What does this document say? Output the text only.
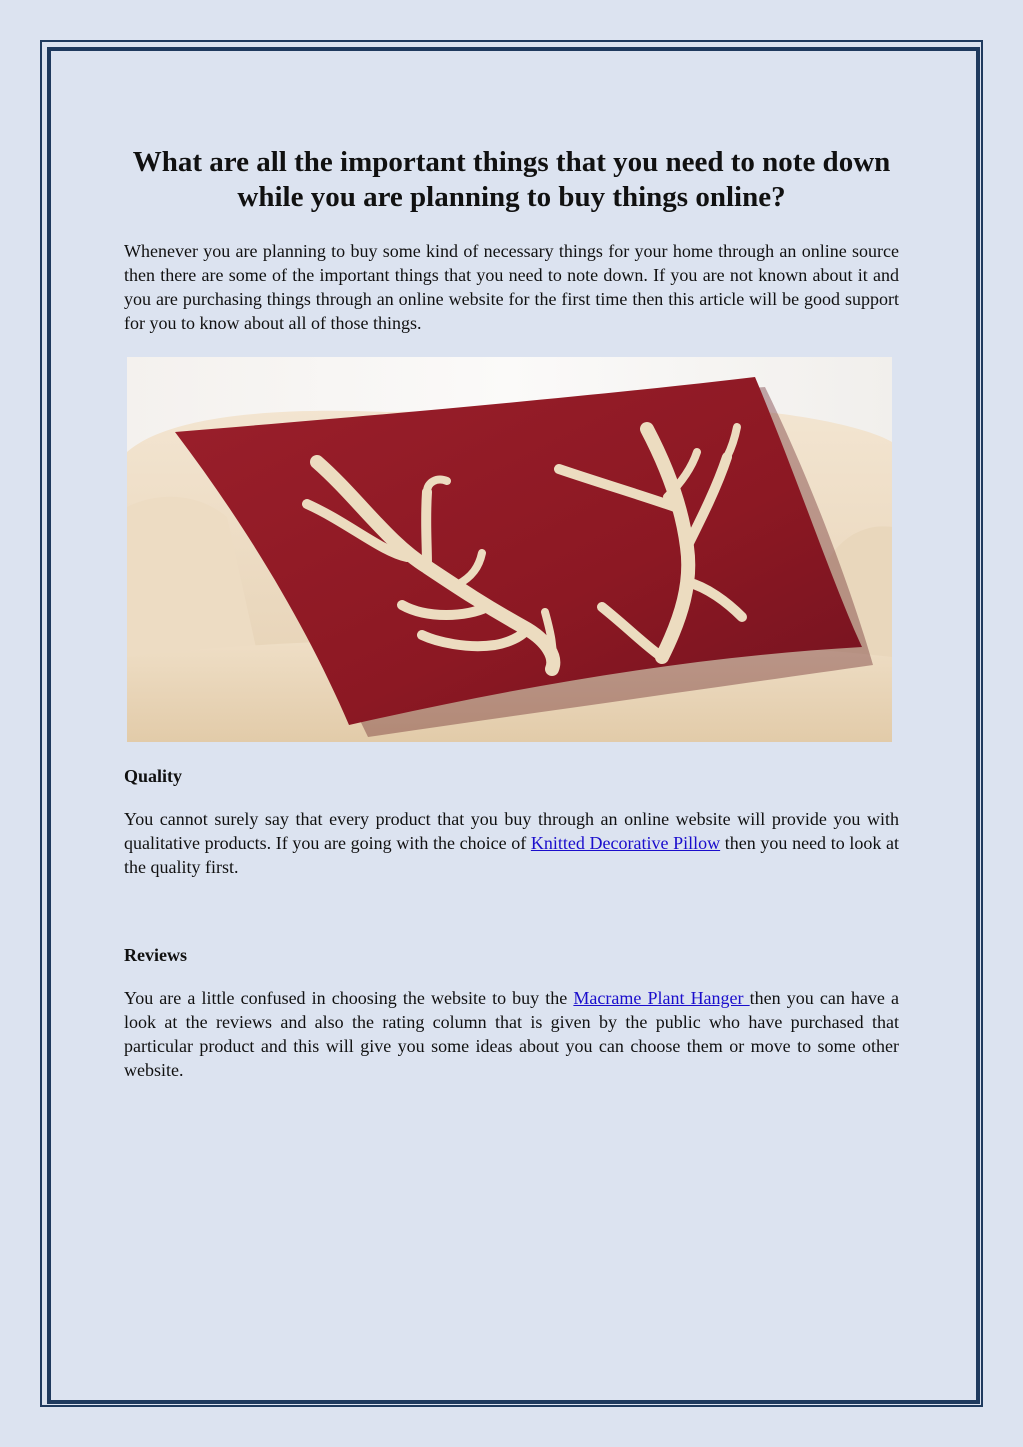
What are all the important things that you need to note down while you are planning to buy things online?

Whenever you are planning to buy some kind of necessary things for your home through an online source then there are some of the important things that you need to note down. If you are not known about it and you are purchasing things through an online website for the first time then this article will be good support for you to know about all of those things.

Quality

You cannot surely say that every product that you buy through an online website will provide you with qualitative products. If you are going with the choice of Knitted Decorative Pillow then you need to look at the quality first.

Reviews

You are a little confused in choosing the website to buy the Macrame Plant Hanger then you can have a look at the reviews and also the rating column that is given by the public who have purchased that particular product and this will give you some ideas about you can choose them or move to some other website.
